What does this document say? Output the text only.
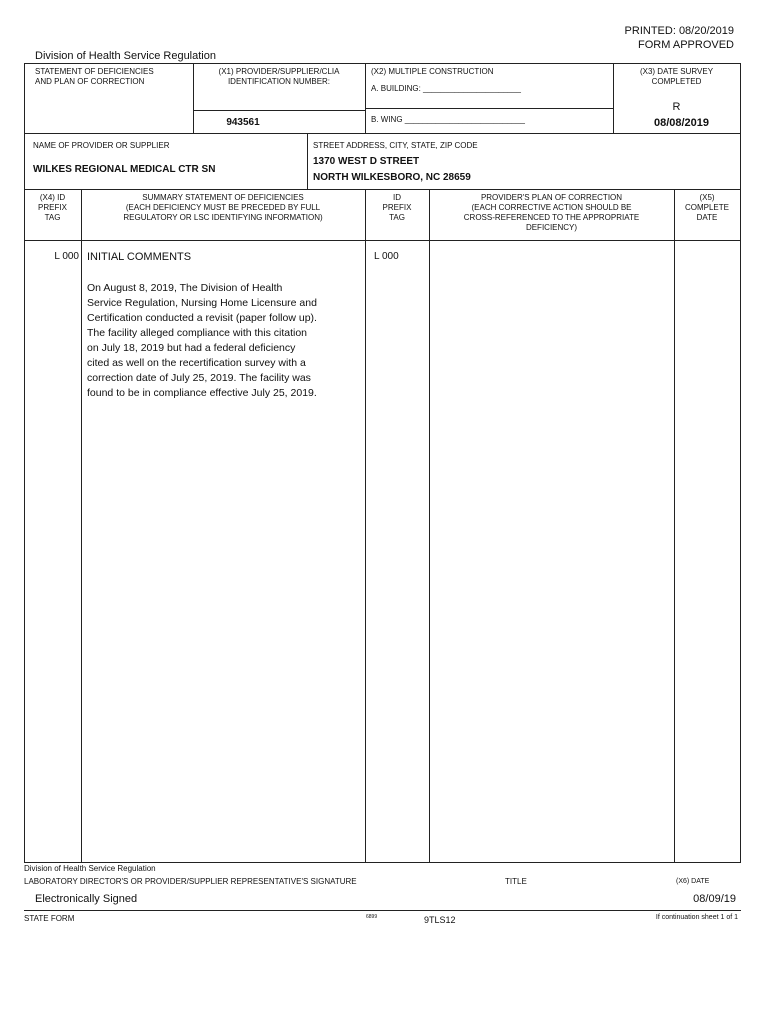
PRINTED: 08/20/2019
FORM APPROVED
Division of Health Service Regulation
STATEMENT OF DEFICIENCIES
AND PLAN OF CORRECTION
(X1) PROVIDER/SUPPLIER/CLIA
IDENTIFICATION NUMBER:
943561
(X2) MULTIPLE CONSTRUCTION
A. BUILDING: ______________________
B. WING ___________________________
(X3) DATE SURVEY
COMPLETED
R
08/08/2019
NAME OF PROVIDER OR SUPPLIER
WILKES REGIONAL MEDICAL CTR SN
STREET ADDRESS, CITY, STATE, ZIP CODE
1370 WEST D STREET
NORTH WILKESBORO, NC 28659
(X4) ID
PREFIX
TAG
SUMMARY STATEMENT OF DEFICIENCIES
(EACH DEFICIENCY MUST BE PRECEDED BY FULL
REGULATORY OR LSC IDENTIFYING INFORMATION)
ID
PREFIX
TAG
PROVIDER'S PLAN OF CORRECTION
(EACH CORRECTIVE ACTION SHOULD BE
CROSS-REFERENCED TO THE APPROPRIATE
DEFICIENCY)
(X5)
COMPLETE
DATE
L 000 INITIAL COMMENTS	L 000
On August 8, 2019, The Division of Health
Service Regulation, Nursing Home Licensure and
Certification conducted a revisit (paper follow up).
The facility alleged compliance with this citation
on July 18, 2019 but had a federal deficiency
cited as well on the recertification survey with a
correction date of July 25, 2019. The facility was
found to be in compliance effective July 25, 2019.
Division of Health Service Regulation
LABORATORY DIRECTOR'S OR PROVIDER/SUPPLIER REPRESENTATIVE'S SIGNATURE	TITLE	(X6) DATE
Electronically Signed	08/09/19
STATE FORM	6899	9TLS12	If continuation sheet 1 of 1
